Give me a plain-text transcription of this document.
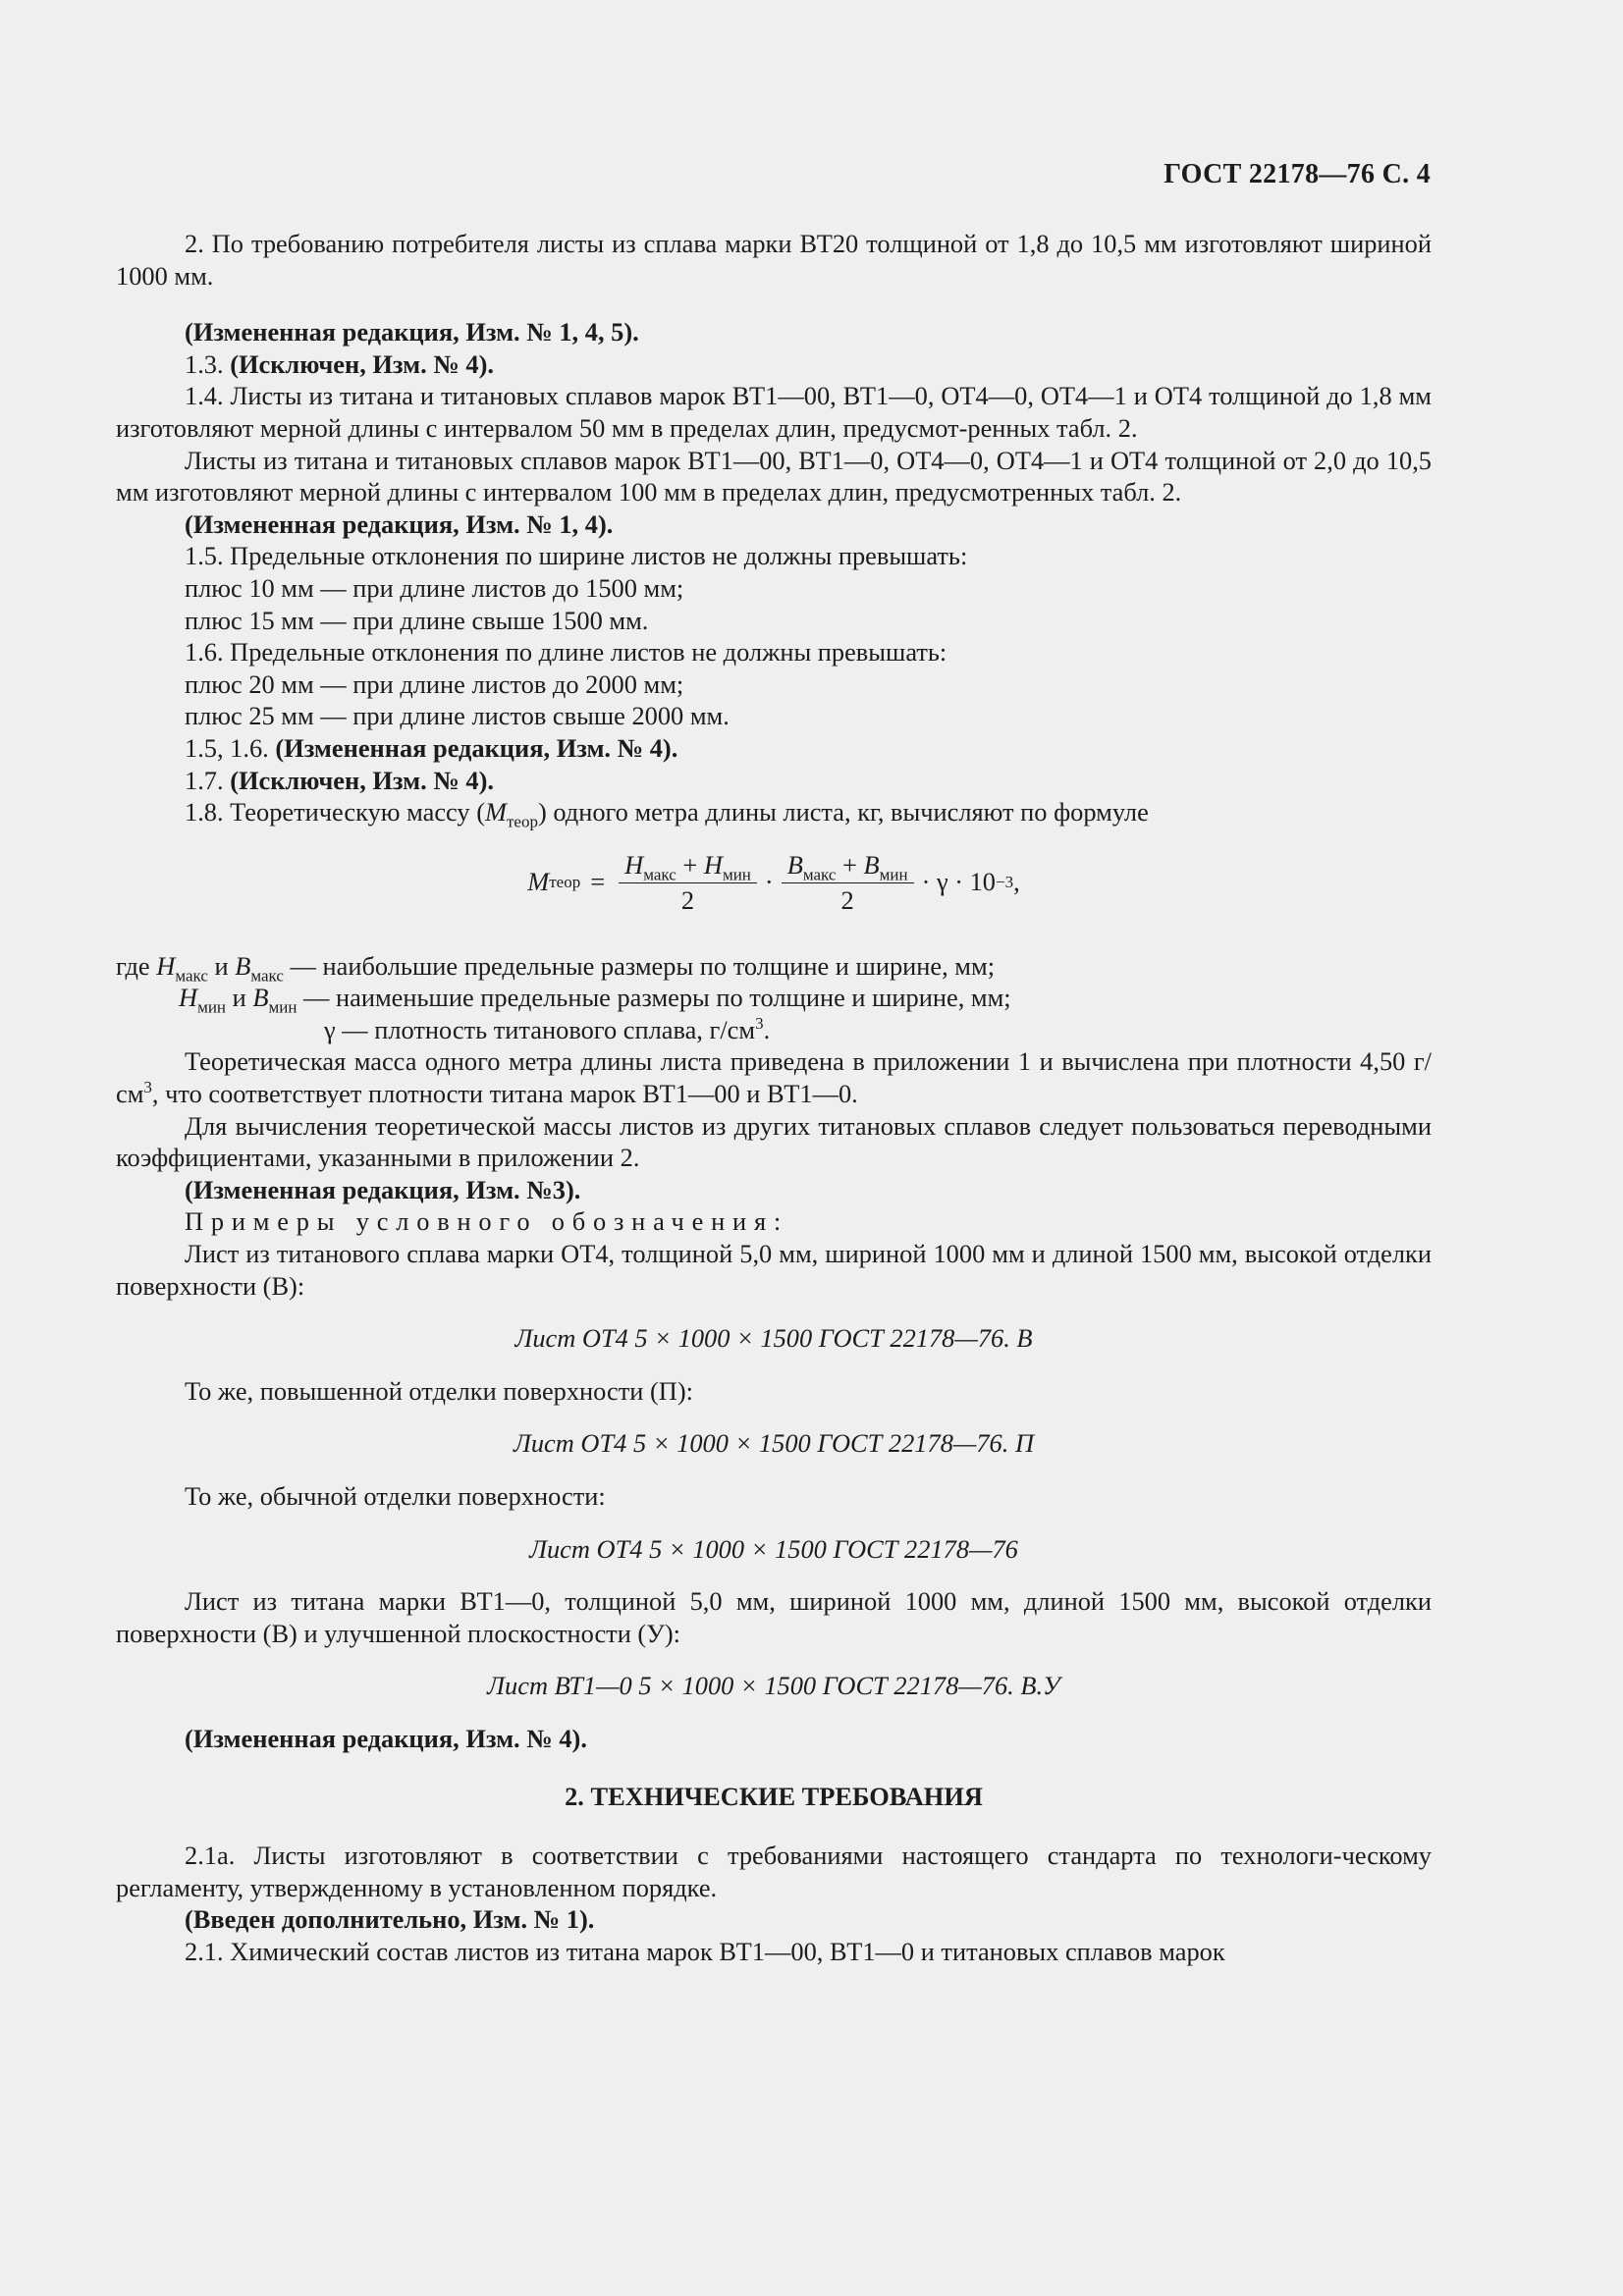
ГОСТ 22178—76 С. 4

2. По требованию потребителя листы из сплава марки ВТ20 толщиной от 1,8 до 10,5 мм изготовляют шириной 1000 мм.

(Измененная редакция, Изм. № 1, 4, 5).

1.3. (Исключен, Изм. № 4).

1.4. Листы из титана и титановых сплавов марок ВТ1—00, ВТ1—0, ОТ4—0, ОТ4—1 и ОТ4 толщиной до 1,8 мм изготовляют мерной длины с интервалом 50 мм в пределах длин, предусмот-ренных табл. 2.

Листы из титана и титановых сплавов марок ВТ1—00, ВТ1—0, ОТ4—0, ОТ4—1 и ОТ4 толщиной от 2,0 до 10,5 мм изготовляют мерной длины с интервалом 100 мм в пределах длин, предусмотренных табл. 2.

(Измененная редакция, Изм. № 1, 4).

1.5. Предельные отклонения по ширине листов не должны превышать:

плюс 10 мм — при длине листов до 1500 мм;

плюс 15 мм — при длине свыше 1500 мм.

1.6. Предельные отклонения по длине листов не должны превышать:

плюс 20 мм — при длине листов до 2000 мм;

плюс 25 мм — при длине листов свыше 2000 мм.

1.5, 1.6. (Измененная редакция, Изм. № 4).

1.7. (Исключен, Изм. № 4).

1.8. Теоретическую массу $(М_{теор})$ одного метра длины листа, кг, вычисляют по формуле

М теор = $\frac{Н_{макс} + Н_{мин}}{2} \cdot \frac{В_{макс} + В_{мин}}{2} \cdot \gamma \cdot 10 -3$ ,

где $Н_{макс}$ и $В_{макс}$ — наибольшие предельные размеры по толщине и ширине, мм;

$Н_{мин}$ и $В_{мин}$ — наименьшие предельные размеры по толщине и ширине, мм;

γ — плотность титанового сплава, $г/см^3$.

Теоретическая масса одного метра длины листа приведена в приложении 1 и вычислена при плотности 4,50 $г/см^3$, что соответствует плотности титана марок ВТ1—00 и ВТ1—0.

Для вычисления теоретической массы листов из других титановых сплавов следует пользоваться переводными коэффициентами, указанными в приложении 2.

(Измененная редакция, Изм. №3).

Примеры условного обозначения:

Лист из титанового сплава марки ОТ4, толщиной 5,0 мм, шириной 1000 мм и длиной 1500 мм, высокой отделки поверхности (В):

Лист ОТ4 5 × 1000 × 1500 ГОСТ 22178—76. В

То же, повышенной отделки поверхности (П):

Лист ОТ4 5 × 1000 × 1500 ГОСТ 22178—76. П

То же, обычной отделки поверхности:

Лист ОТ4 5 × 1000 × 1500 ГОСТ 22178—76

Лист из титана марки ВТ1—0, толщиной 5,0 мм, шириной 1000 мм, длиной 1500 мм, высокой отделки поверхности (В) и улучшенной плоскостности (У):

Лист ВТ1—0 5 × 1000 × 1500 ГОСТ 22178—76. В.У

(Измененная редакция, Изм. № 4).

2. ТЕХНИЧЕСКИЕ ТРЕБОВАНИЯ

2.1а. Листы изготовляют в соответствии с требованиями настоящего стандарта по технологи-ческому регламенту, утвержденному в установленном порядке.

(Введен дополнительно, Изм. № 1).

2.1. Химический состав листов из титана марок ВТ1—00, ВТ1—0 и титановых сплавов марок
